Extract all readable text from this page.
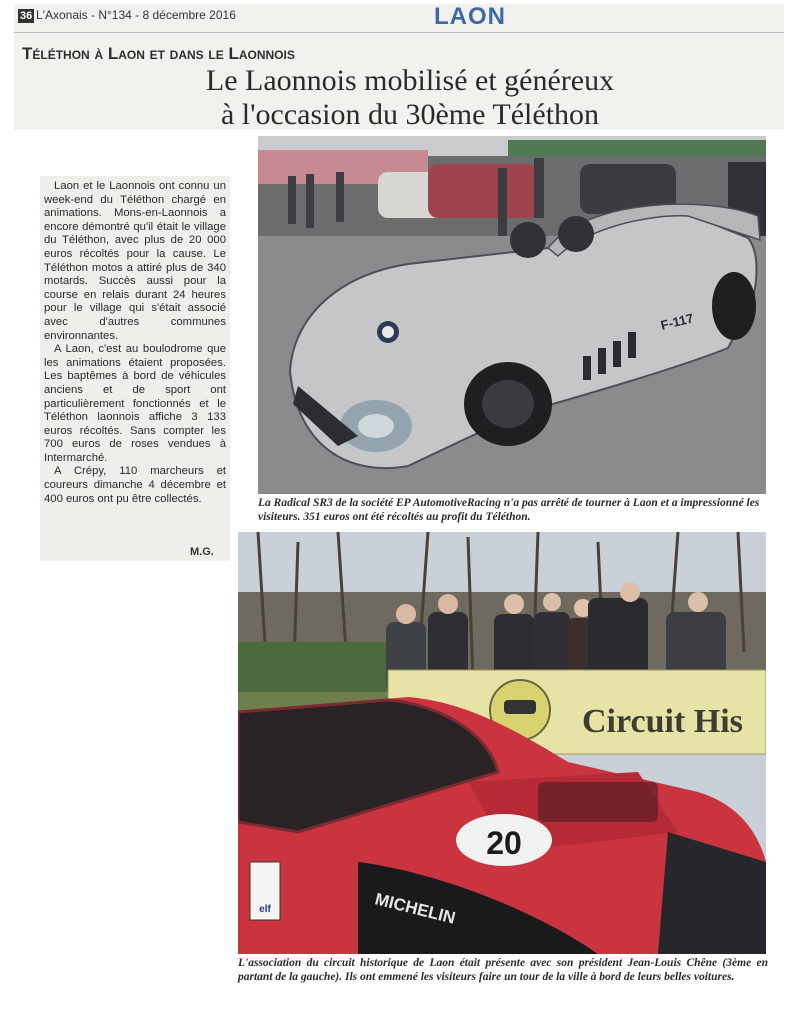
36 L'Axonais - N°134 - 8 décembre 2016	LAON
Téléthon à Laon et dans le Laonnois
Le Laonnois mobilisé et généreux
à l'occasion du 30ème Téléthon

Laon et le Laonnois ont connu un week-end du Téléthon chargé en animations. Mons-en-Laonnois a encore démontré qu'il était le village du Téléthon, avec plus de 20 000 euros récoltés pour la cause. Le Téléthon motos a attiré plus de 340 motards. Succès aussi pour la course en relais durant 24 heures pour le village qui s'était associé avec d'autres communes environnantes.

A Laon, c'est au boulodrome que les animations étaient proposées. Les baptêmes à bord de véhicules anciens et de sport ont particulièrement fonctionnés et le Téléthon laonnois affiche 3 133 euros récoltés. Sans compter les 700 euros de roses vendues à Intermarché.

A Crépy, 110 marcheurs et coureurs dimanche 4 décembre et 400 euros ont pu être collectés.

M.G.
F-117
La Radical SR3 de la société EP AutomotiveRacing n'a pas arrêté de tourner à Laon et a impressionné les visiteurs. 351 euros ont été récoltés au profit du Téléthon.
Circuit His
20
MICHELIN
elf
L'association du circuit historique de Laon était présente avec son président Jean-Louis Chêne (3ème en partant de la gauche). Ils ont emmené les visiteurs faire un tour de la ville à bord de leurs belles voitures.
